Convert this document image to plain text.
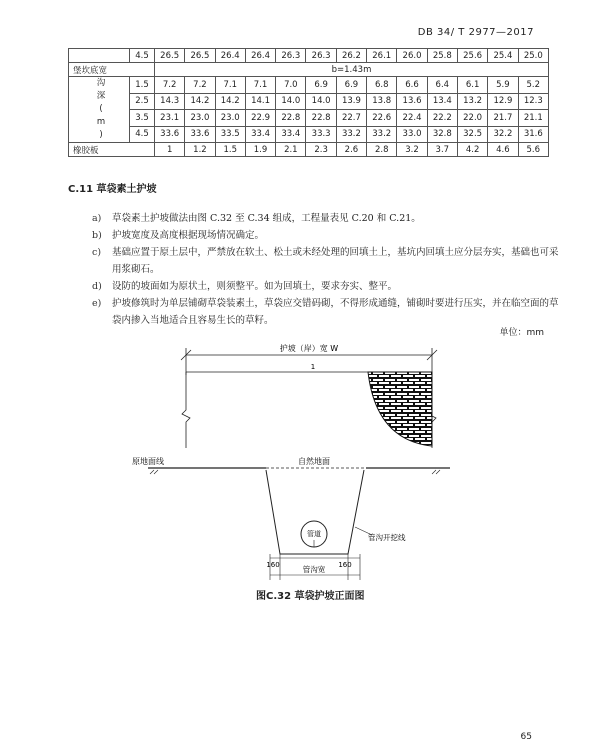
DB 34/ T 2977—2017
	4.5	26.5	26.5	26.4	26.4	26.3	26.3	26.2	26.1	26.0	25.8	25.6	25.4	25.0
堡坎底宽		b=1.43m												

沟
深
(
m
)	1.5	7.2	7.2	7.1	7.1	7.0	6.9	6.9	6.8	6.6	6.4	6.1	5.9	5.2
	2.5	14.3	14.2	14.2	14.1	14.0	14.0	13.9	13.8	13.6	13.4	13.2	12.9	12.3
	3.5	23.1	23.0	23.0	22.9	22.8	22.8	22.7	22.6	22.4	22.2	22.0	21.7	21.1
	4.5	33.6	33.6	33.5	33.4	33.4	33.3	33.2	33.2	33.0	32.8	32.5	32.2	31.6
橡胶板		1	1.2	1.5	1.9	2.1	2.3	2.6	2.8	3.2	3.7	4.2	4.6	5.6
C.11 草袋素土护坡
a) 草袋素土护坡做法由图 C.32 至 C.34 组成，工程量表见 C.20 和 C.21。
b) 护坡宽度及高度根据现场情况确定。
c) 基础应置于原土层中，严禁放在软土、松土或未经处理的回填土上，基坑内回填土应分层夯实，基础也可采用浆砌石。
d) 设防的坡面如为原状土，则须整平。如为回填土，要求夯实、整平。
e) 护坡修筑时为单层铺砌草袋装素土，草袋应交错码砌，不得形成通缝，铺砌时要进行压实，并在临空面的草袋内掺入当地适合且容易生长的草籽。
单位：mm
护坡（岸）宽 W
1
原地面线	自然地面
管道	管沟开挖线
160	160
管沟宽
图C.32 草袋护坡正面图
65
